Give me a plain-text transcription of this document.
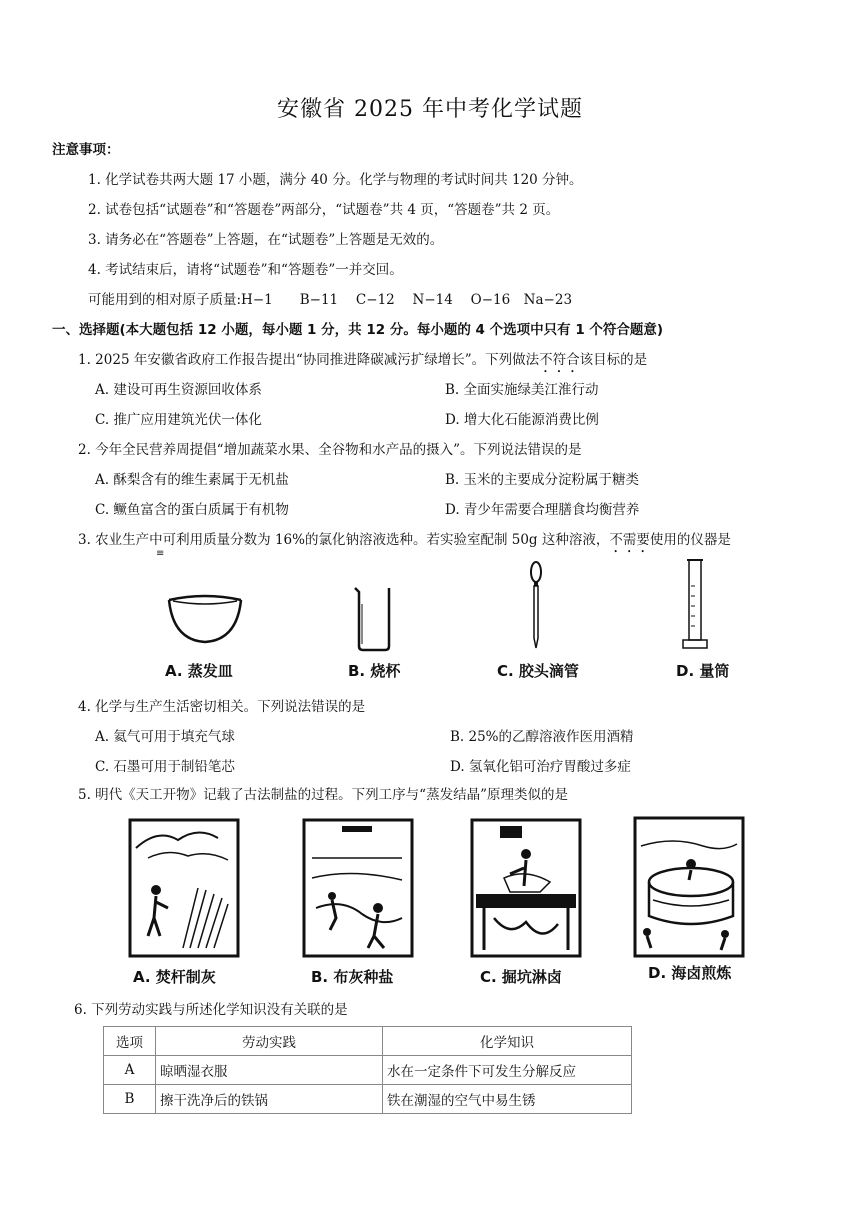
安徽省 2025 年中考化学试题
注意事项：
1. 化学试卷共两大题 17 小题，满分 40 分。化学与物理的考试时间共 120 分钟。
2. 试卷包括“试题卷”和“答题卷”两部分，“试题卷”共 4 页，“答题卷”共 2 页。
3. 请务必在“答题卷”上答题，在“试题卷”上答题是无效的。
4. 考试结束后，请将“试题卷”和“答题卷”一并交回。
可能用到的相对原子质量:H−1　　B−11　 C−12　 N−14　 O−16　Na−23
一、选择题(本大题包括 12 小题，每小题 1 分，共 12 分。每小题的 4 个选项中只有 1 个符合题意)
1. 2025 年安徽省政府工作报告提出“协同推进降碳减污扩绿增长”。下列做法不符合该目标的是
A. 建设可再生资源回收体系	B. 全面实施绿美江淮行动
C. 推广应用建筑光伏一体化	D. 增大化石能源消费比例
2. 今年全民营养周提倡“增加蔬菜水果、全谷物和水产品的摄入”。下列说法错误的是
A. 酥梨含有的维生素属于无机盐	B. 玉米的主要成分淀粉属于糖类
C. 鳜鱼富含的蛋白质属于有机物	D. 青少年需要合理膳食均衡营养
3. 农业生产中可利用质量分数为 16%的氯化钠溶液选种。若实验室配制 50g 这种溶液，不需要使用的仪器是
≡
A. 蒸发皿	B. 烧杯	C. 胶头滴管	D. 量筒
4. 化学与生产生活密切相关。下列说法错误的是
A. 氦气可用于填充气球	B. 25%的乙醇溶液作医用酒精
C. 石墨可用于制铅笔芯	D. 氢氧化铝可治疗胃酸过多症
5. 明代《天工开物》记载了古法制盐的过程。下列工序与“蒸发结晶”原理类似的是
A. 焚杆制灰	B. 布灰种盐	C. 掘坑淋卤	D. 海卤煎炼
6. 下列劳动实践与所述化学知识没有关联的是
选项	劳动实践	化学知识
A	晾晒湿衣服	水在一定条件下可发生分解反应
B	擦干洗净后的铁锅	铁在潮湿的空气中易生锈
